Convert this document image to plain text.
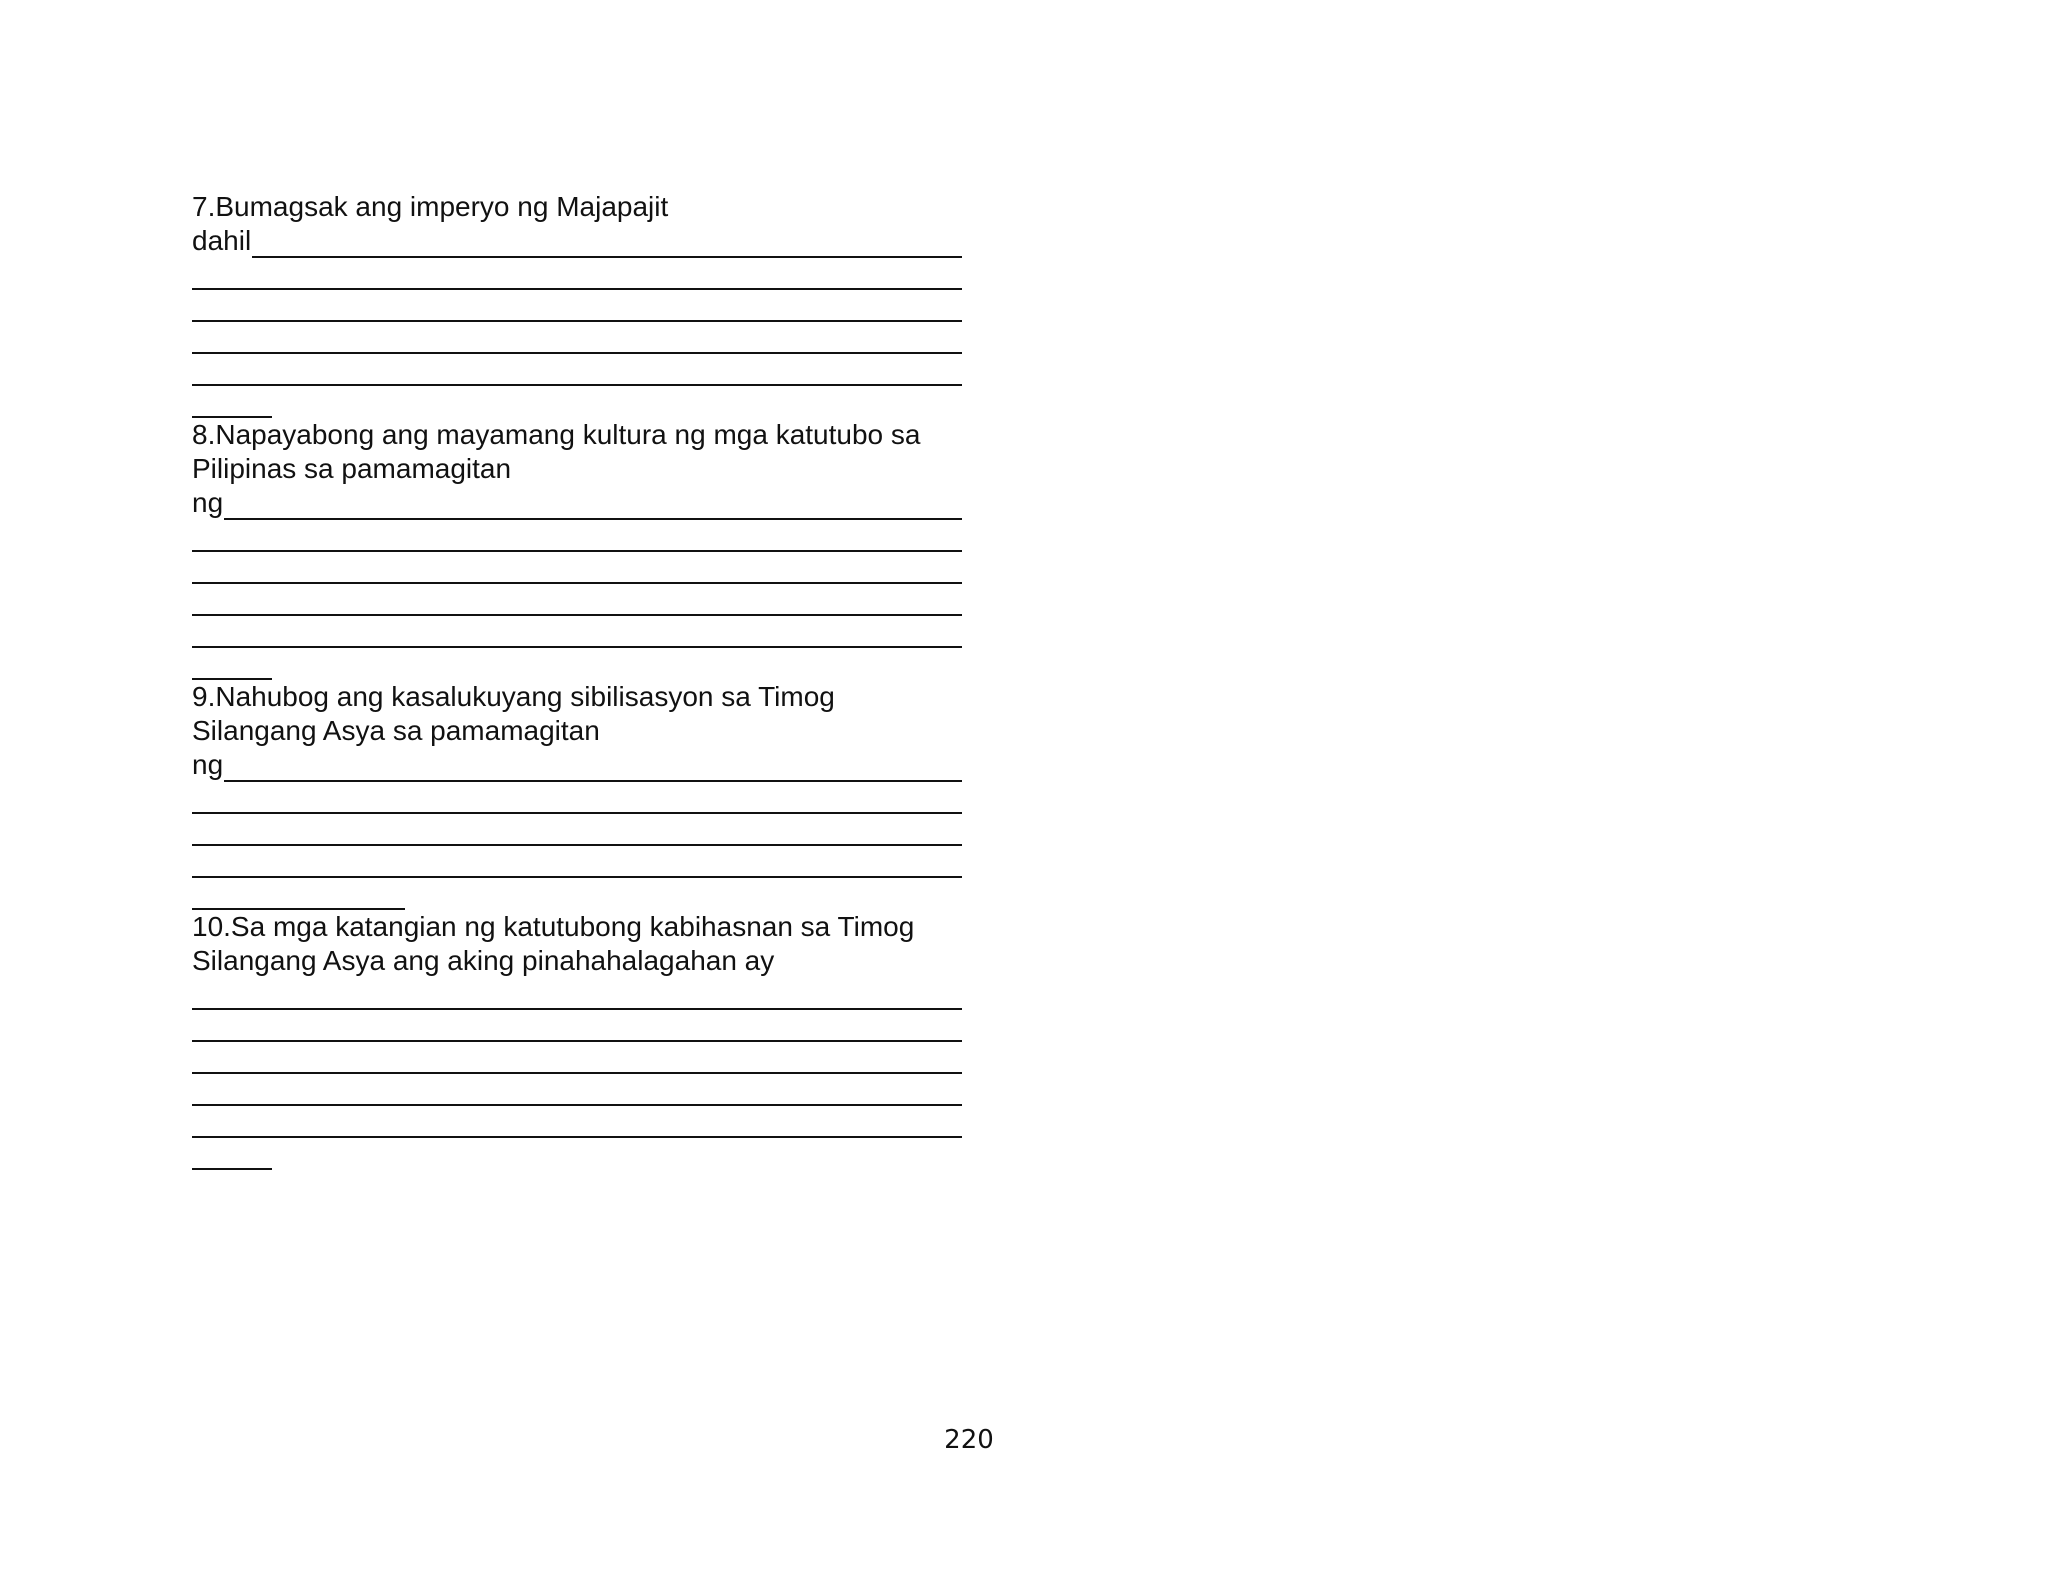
7.Bumagsak ang imperyo ng Majapajit
dahil
8.Napayabong ang mayamang kultura ng mga katutubo sa
Pilipinas sa pamamagitan
ng
9.Nahubog ang kasalukuyang sibilisasyon sa Timog
Silangang Asya sa pamamagitan
ng
10.Sa mga katangian ng katutubong kabihasnan sa Timog
Silangang Asya ang aking pinahahalagahan ay
220
